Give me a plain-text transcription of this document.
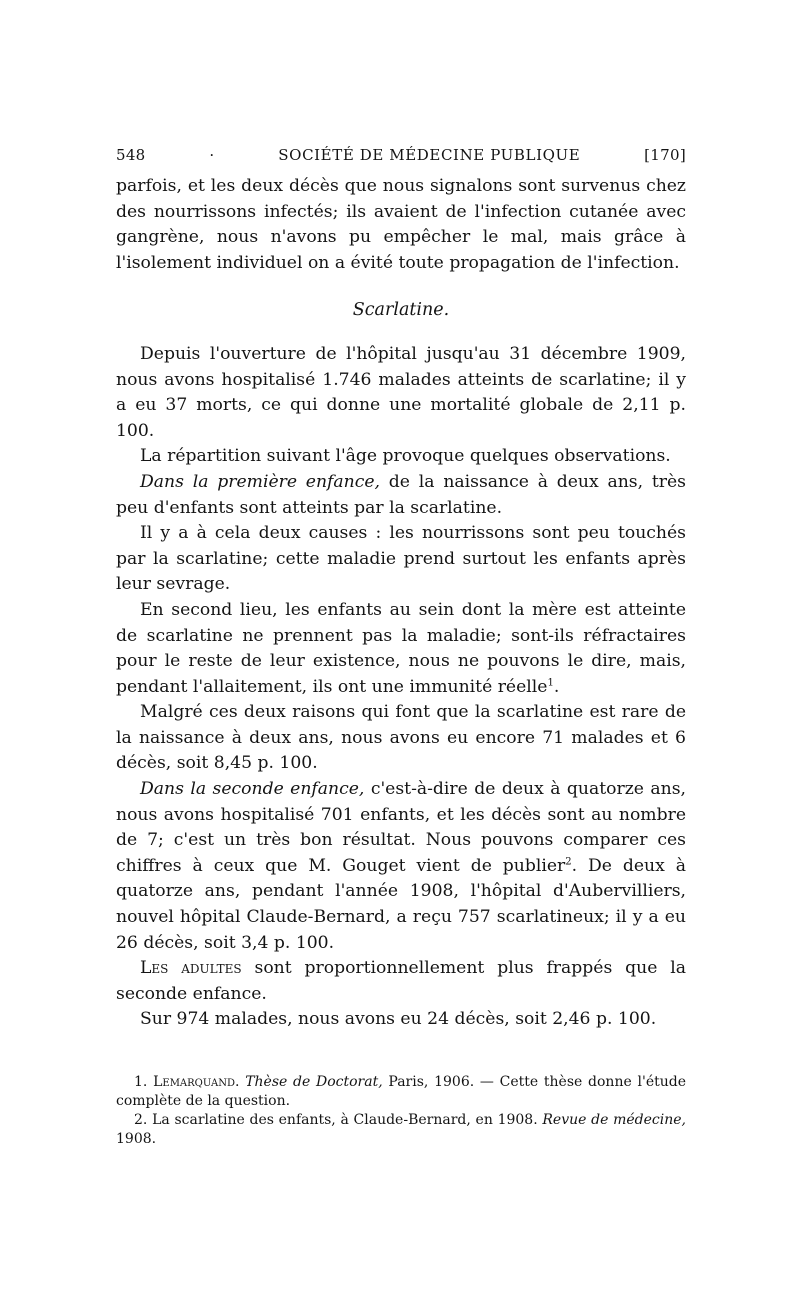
548	·	SOCIÉTÉ DE MÉDECINE PUBLIQUE	[170]

parfois, et les deux décès que nous signalons sont survenus chez des nourrissons infectés; ils avaient de l'infection cutanée avec gangrène, nous n'avons pu empêcher le mal, mais grâce à l'isolement individuel on a évité toute propagation de l'infection.

Scarlatine.

Depuis l'ouverture de l'hôpital jusqu'au 31 décembre 1909, nous avons hospitalisé 1.746 malades atteints de scarlatine; il y a eu 37 morts, ce qui donne une mortalité globale de 2,11 p. 100.

La répartition suivant l'âge provoque quelques observations.

Dans la première enfance, de la naissance à deux ans, très peu d'enfants sont atteints par la scarlatine.

Il y a à cela deux causes : les nourrissons sont peu touchés par la scarlatine; cette maladie prend surtout les enfants après leur sevrage.

En second lieu, les enfants au sein dont la mère est atteinte de scarlatine ne prennent pas la maladie; sont-ils réfractaires pour le reste de leur existence, nous ne pouvons le dire, mais, pendant l'allaitement, ils ont une immunité réelle$^1$.

Malgré ces deux raisons qui font que la scarlatine est rare de la naissance à deux ans, nous avons eu encore 71 malades et 6 décès, soit 8,45 p. 100.

Dans la seconde enfance, c'est-à-dire de deux à quatorze ans, nous avons hospitalisé 701 enfants, et les décès sont au nombre de 7; c'est un très bon résultat. Nous pouvons comparer ces chiffres à ceux que M. Gouget vient de publier$^2$. De deux à quatorze ans, pendant l'année 1908, l'hôpital d'Aubervilliers, nouvel hôpital Claude-Bernard, a reçu 757 scarlatineux; il y a eu 26 décès, soit 3,4 p. 100.

Les adultes sont proportionnellement plus frappés que la seconde enfance.

Sur 974 malades, nous avons eu 24 décès, soit 2,46 p. 100.

1. Lemarquand. Thèse de Doctorat, Paris, 1906. — Cette thèse donne l'étude complète de la question.

2. La scarlatine des enfants, à Claude-Bernard, en 1908. Revue de médecine, 1908.
